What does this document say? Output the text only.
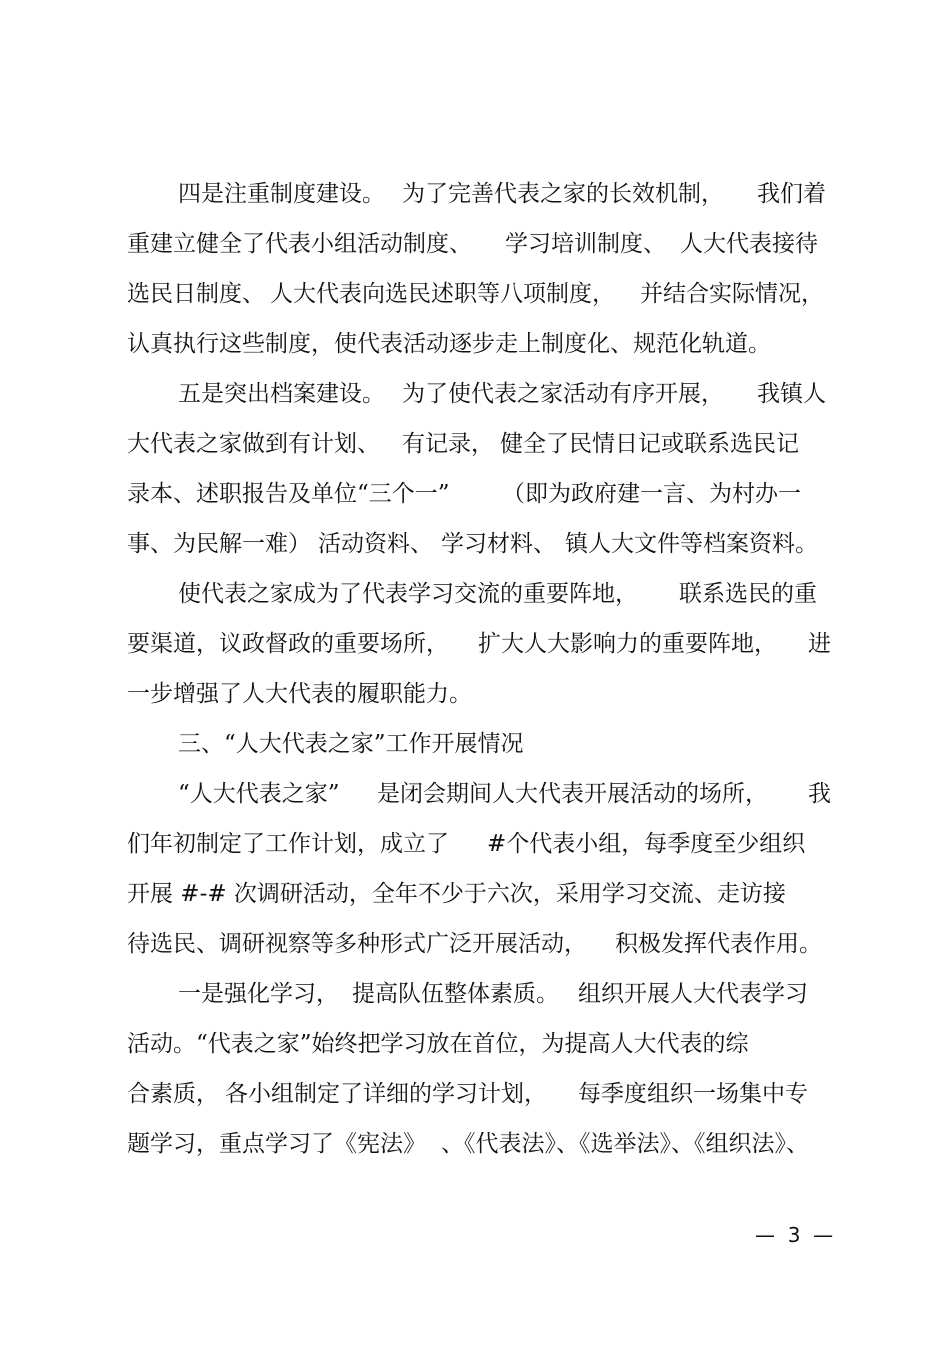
四是注重制度建设。

为了完善代表之家的长效机制，

我们着

重建立健全了代表小组活动制度、

学习培训制度、

人大代表接待

选民日制度、

人大代表向选民述职等八项制度，

并结合实际情况，

认真执行这些制度，使代表活动逐步走上制度化、规范化轨道。

五是突出档案建设。

为了使代表之家活动有序开展，

我镇人

大代表之家做到有计划、

有记录，

健全了民情日记或联系选民记

录本、述职报告及单位“三个一”

（即为政府建一言、为村办一

事、为民解一难）

活动资料、

学习材料、

镇人大文件等档案资料。

使代表之家成为了代表学习交流的重要阵地，

联系选民的重

要渠道，议政督政的重要场所，

扩大人大影响力的重要阵地，

进

一步增强了人大代表的履职能力。

三、“人大代表之家”工作开展情况

“人大代表之家”

是闭会期间人大代表开展活动的场所，

我

们年初制定了工作计划，成立了

#个代表小组，每季度至少组织

开展 #-# 次调研活动，全年不少于六次，采用学习交流、走访接

待选民、调研视察等多种形式广泛开展活动，

积极发挥代表作用。

一是强化学习，

提高队伍整体素质。

组织开展人大代表学习

活动。“代表之家”始终把学习放在首位，为提高人大代表的综

合素质，

各小组制定了详细的学习计划，

每季度组织一场集中专

题学习，重点学习了《宪法》

、《代表法》、《选举法》、《组织法》、

—  3  —
